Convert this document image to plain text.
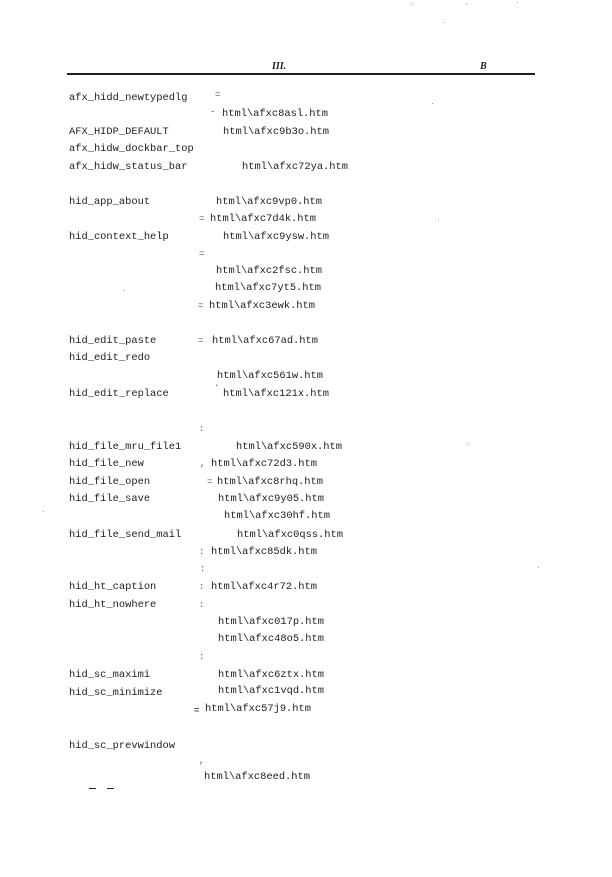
III.	B
afx_hidd_newtypedlg
AFX_HIDP_DEFAULT
afx_hidw_dockbar_top
afx_hidw_status_bar
hid_app_about
hid_context_help
hid_edit_paste
hid_edit_redo
hid_edit_replace
hid_file_mru_file1
hid_file_new
hid_file_open
hid_file_save
hid_file_send_mail
hid_ht_caption
hid_ht_nowhere
hid_sc_maximi
hid_sc_minimize
hid_sc_prevwindow
html\afxc8asl.htm
html\afxc9b3o.htm
html\afxc72ya.htm
html\afxc9vp0.htm
html\afxc7d4k.htm
html\afxc9ysw.htm
html\afxc2fsc.htm
html\afxc7yt5.htm
html\afxc3ewk.htm
html\afxc67ad.htm
html\afxc561w.htm
html\afxc121x.htm
html\afxc590x.htm
html\afxc72d3.htm
html\afxc8rhq.htm
html\afxc9y05.htm
html\afxc30hf.htm
html\afxc0qss.htm
html\afxc85dk.htm
html\afxc4r72.htm
html\afxc017p.htm
html\afxc48o5.htm
html\afxc6ztx.htm
html\afxc1vqd.htm
html\afxc57j9.htm
html\afxc8eed.htm
=
-
=
=
=
=
·
:
,
=
:
:
:
:
:
=
,
